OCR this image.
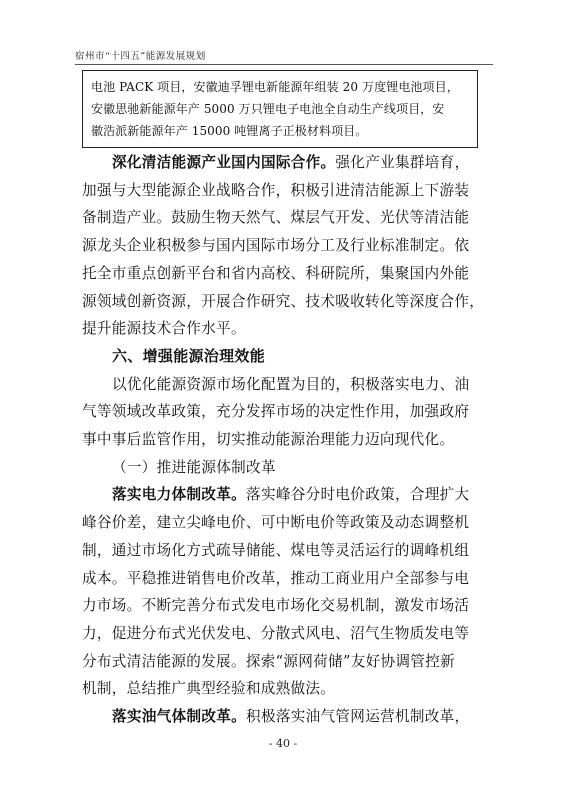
宿州市“十四五”能源发展规划
电池 PACK 项目，安徽迪孚锂电新能源年组装 20 万度锂电池项目，
安徽思驰新能源年产 5000 万只锂电子电池全自动生产线项目，安
徽浩派新能源年产 15000 吨锂离子正极材料项目。
深化清洁能源产业国内国际合作。强化产业集群培育，
加强与大型能源企业战略合作，积极引进清洁能源上下游装
备制造产业。鼓励生物天然气、煤层气开发、光伏等清洁能
源龙头企业积极参与国内国际市场分工及行业标准制定。依
托全市重点创新平台和省内高校、科研院所，集聚国内外能
源领域创新资源，开展合作研究、技术吸收转化等深度合作，
提升能源技术合作水平。
六、增强能源治理效能
以优化能源资源市场化配置为目的，积极落实电力、油
气等领域改革政策，充分发挥市场的决定性作用，加强政府
事中事后监管作用，切实推动能源治理能力迈向现代化。
（一）推进能源体制改革
落实电力体制改革。落实峰谷分时电价政策，合理扩大
峰谷价差，建立尖峰电价、可中断电价等政策及动态调整机
制，通过市场化方式疏导储能、煤电等灵活运行的调峰机组
成本。平稳推进销售电价改革，推动工商业用户全部参与电
力市场。不断完善分布式发电市场化交易机制，激发市场活
力，促进分布式光伏发电、分散式风电、沼气生物质发电等
分布式清洁能源的发展。探索“源网荷储”友好协调管控新
机制，总结推广典型经验和成熟做法。
落实油气体制改革。积极落实油气管网运营机制改革，
- 40 -
